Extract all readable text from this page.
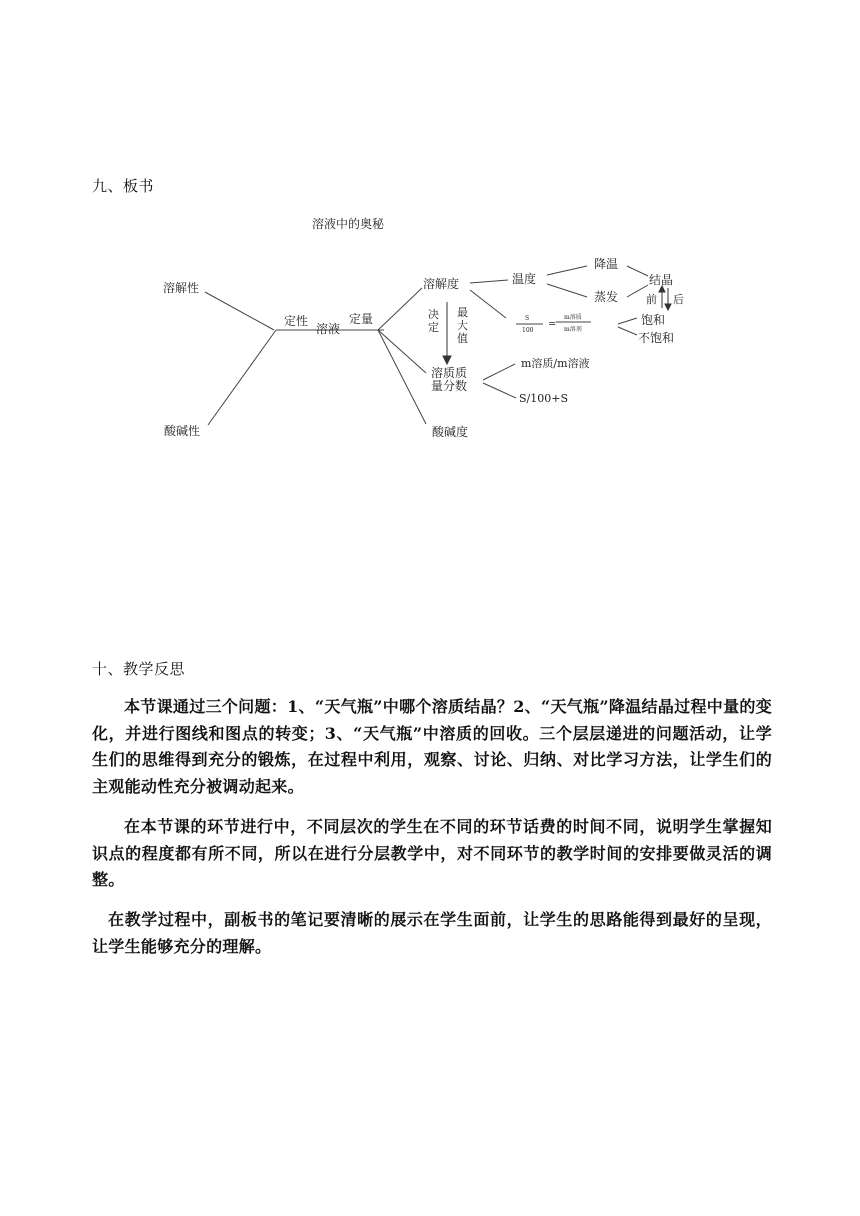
九、板书
溶液中的奥秘
溶解性
酸碱性
定性
溶液
定量
溶解度	温度
降温
蒸发
结晶
前 后
决
定
最
大
值
S
100
=
m溶质
m溶剂
饱和
不饱和
溶质质
量分数
m溶质/m溶液
S/100+S
酸碱度
十、教学反思

本节课通过三个问题：1、“天气瓶”中哪个溶质结晶？2、“天气瓶”降温结晶过程中量的变化，并进行图线和图点的转变；3、“天气瓶”中溶质的回收。三个层层递进的问题活动，让学生们的思维得到充分的锻炼，在过程中利用，观察、讨论、归纳、对比学习方法，让学生们的主观能动性充分被调动起来。

在本节课的环节进行中，不同层次的学生在不同的环节话费的时间不同，说明学生掌握知识点的程度都有所不同，所以在进行分层教学中，对不同环节的教学时间的安排要做灵活的调整。

在教学过程中，副板书的笔记要清晰的展示在学生面前，让学生的思路能得到最好的呈现，让学生能够充分的理解。
